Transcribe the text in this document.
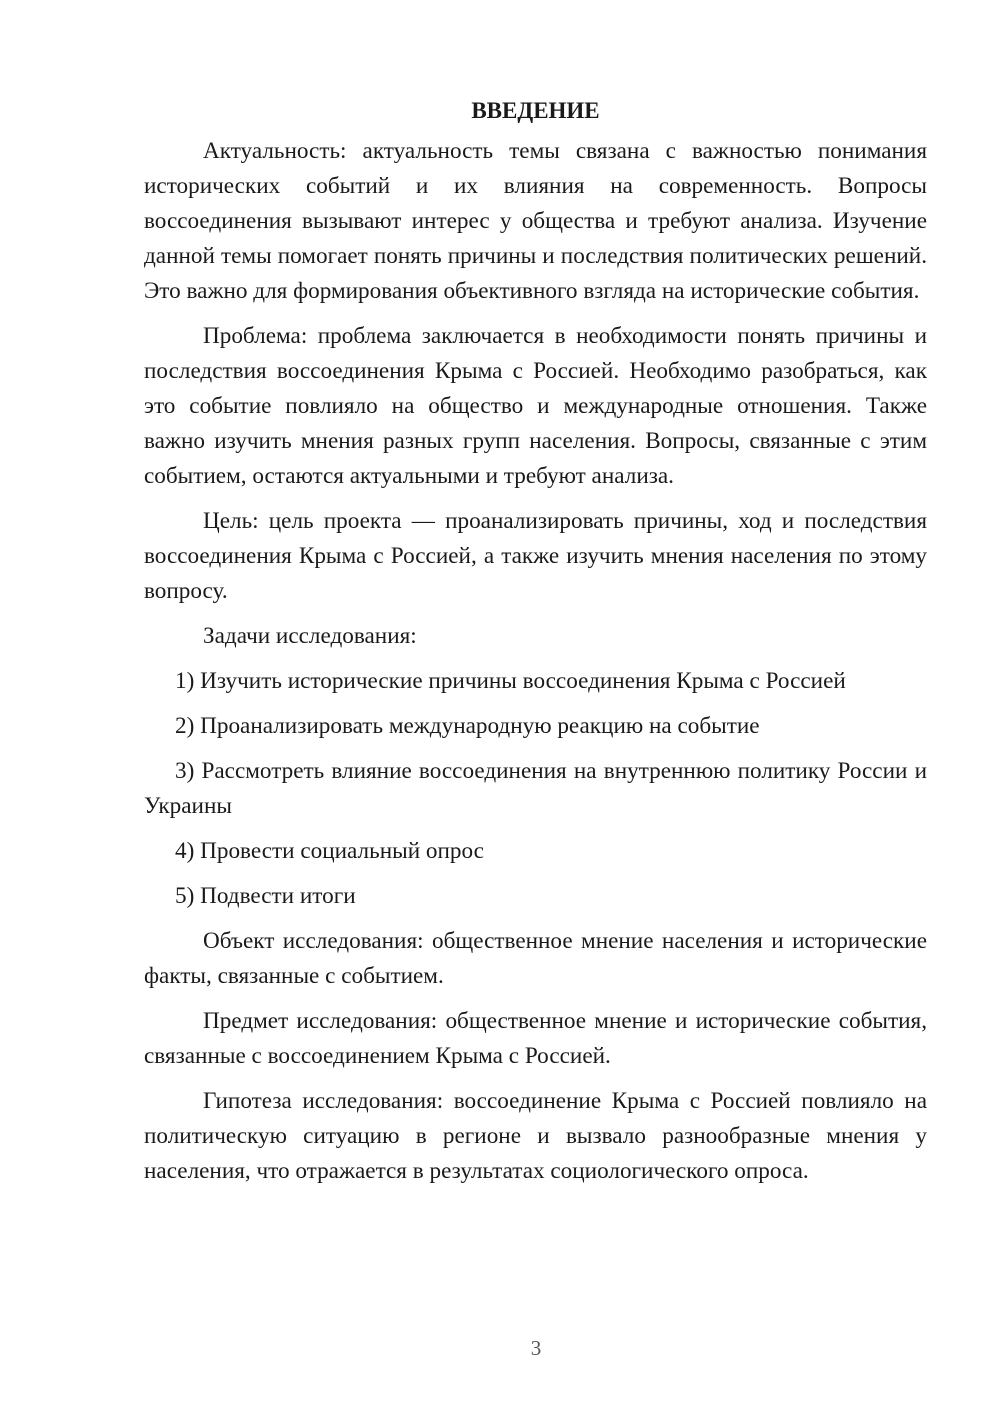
ВВЕДЕНИЕ

Актуальность: актуальность темы связана с важностью понимания исторических событий и их влияния на современность. Вопросы воссоединения вызывают интерес у общества и требуют анализа. Изучение данной темы помогает понять причины и последствия политических решений. Это важно для формирования объективного взгляда на исторические события.

Проблема: проблема заключается в необходимости понять причины и последствия воссоединения Крыма с Россией. Необходимо разобраться, как это событие повлияло на общество и международные отношения. Также важно изучить мнения разных групп населения. Вопросы, связанные с этим событием, остаются актуальными и требуют анализа.

Цель: цель проекта — проанализировать причины, ход и последствия воссоединения Крыма с Россией, а также изучить мнения населения по этому вопросу.

Задачи исследования:

1) Изучить исторические причины воссоединения Крыма с Россией

2) Проанализировать международную реакцию на событие

3) Рассмотреть влияние воссоединения на внутреннюю политику России и Украины

4) Провести социальный опрос

5) Подвести итоги

Объект исследования: общественное мнение населения и исторические факты, связанные с событием.

Предмет исследования: общественное мнение и исторические события, связанные с воссоединением Крыма с Россией.

Гипотеза исследования: воссоединение Крыма с Россией повлияло на политическую ситуацию в регионе и вызвало разнообразные мнения у населения, что отражается в результатах социологического опроса.

3
